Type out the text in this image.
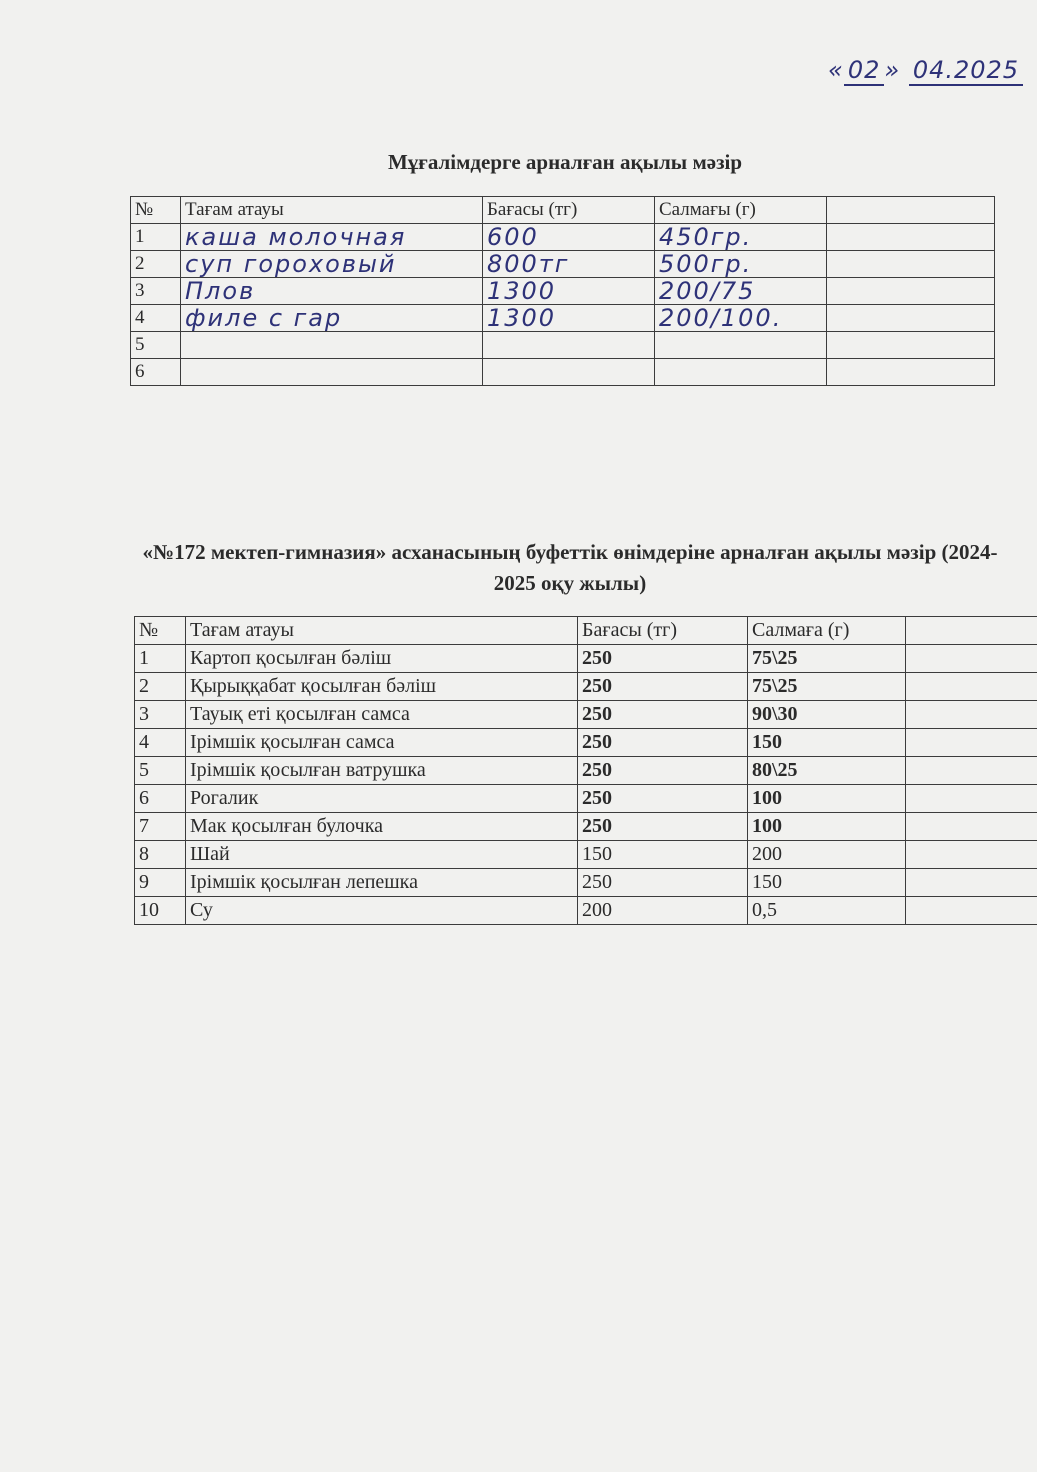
« 02 » 04.2025
Мұғалімдерге арналған ақылы мәзір
№	Тағам атауы	Бағасы (тг)	Салмағы (г)	
1	каша молочная	600	450гр.	
2	суп гороховый	800тг	500гр.	
3	Плов	1300	200/75	
4	филе с гар	1300	200/100.	
5				
6				
«№172 мектеп-гимназия» асханасының буфеттік өнімдеріне арналған ақылы мәзір (2024-2025 оқу жылы)
№	Тағам атауы	Бағасы (тг)	Салмаға (г)	
1	Картоп қосылған бәліш	250	75\25	
2	Қырыққабат қосылған бәліш	250	75\25	
3	Тауық еті қосылған самса	250	90\30	
4	Ірімшік қосылған самса	250	150	
5	Ірімшік қосылған ватрушка	250	80\25	
6	Рогалик	250	100	
7	Мак қосылған булочка	250	100	
8	Шай	150	200	
9	Ірімшік қосылған лепешка	250	150	
10	Су	200	0,5	
